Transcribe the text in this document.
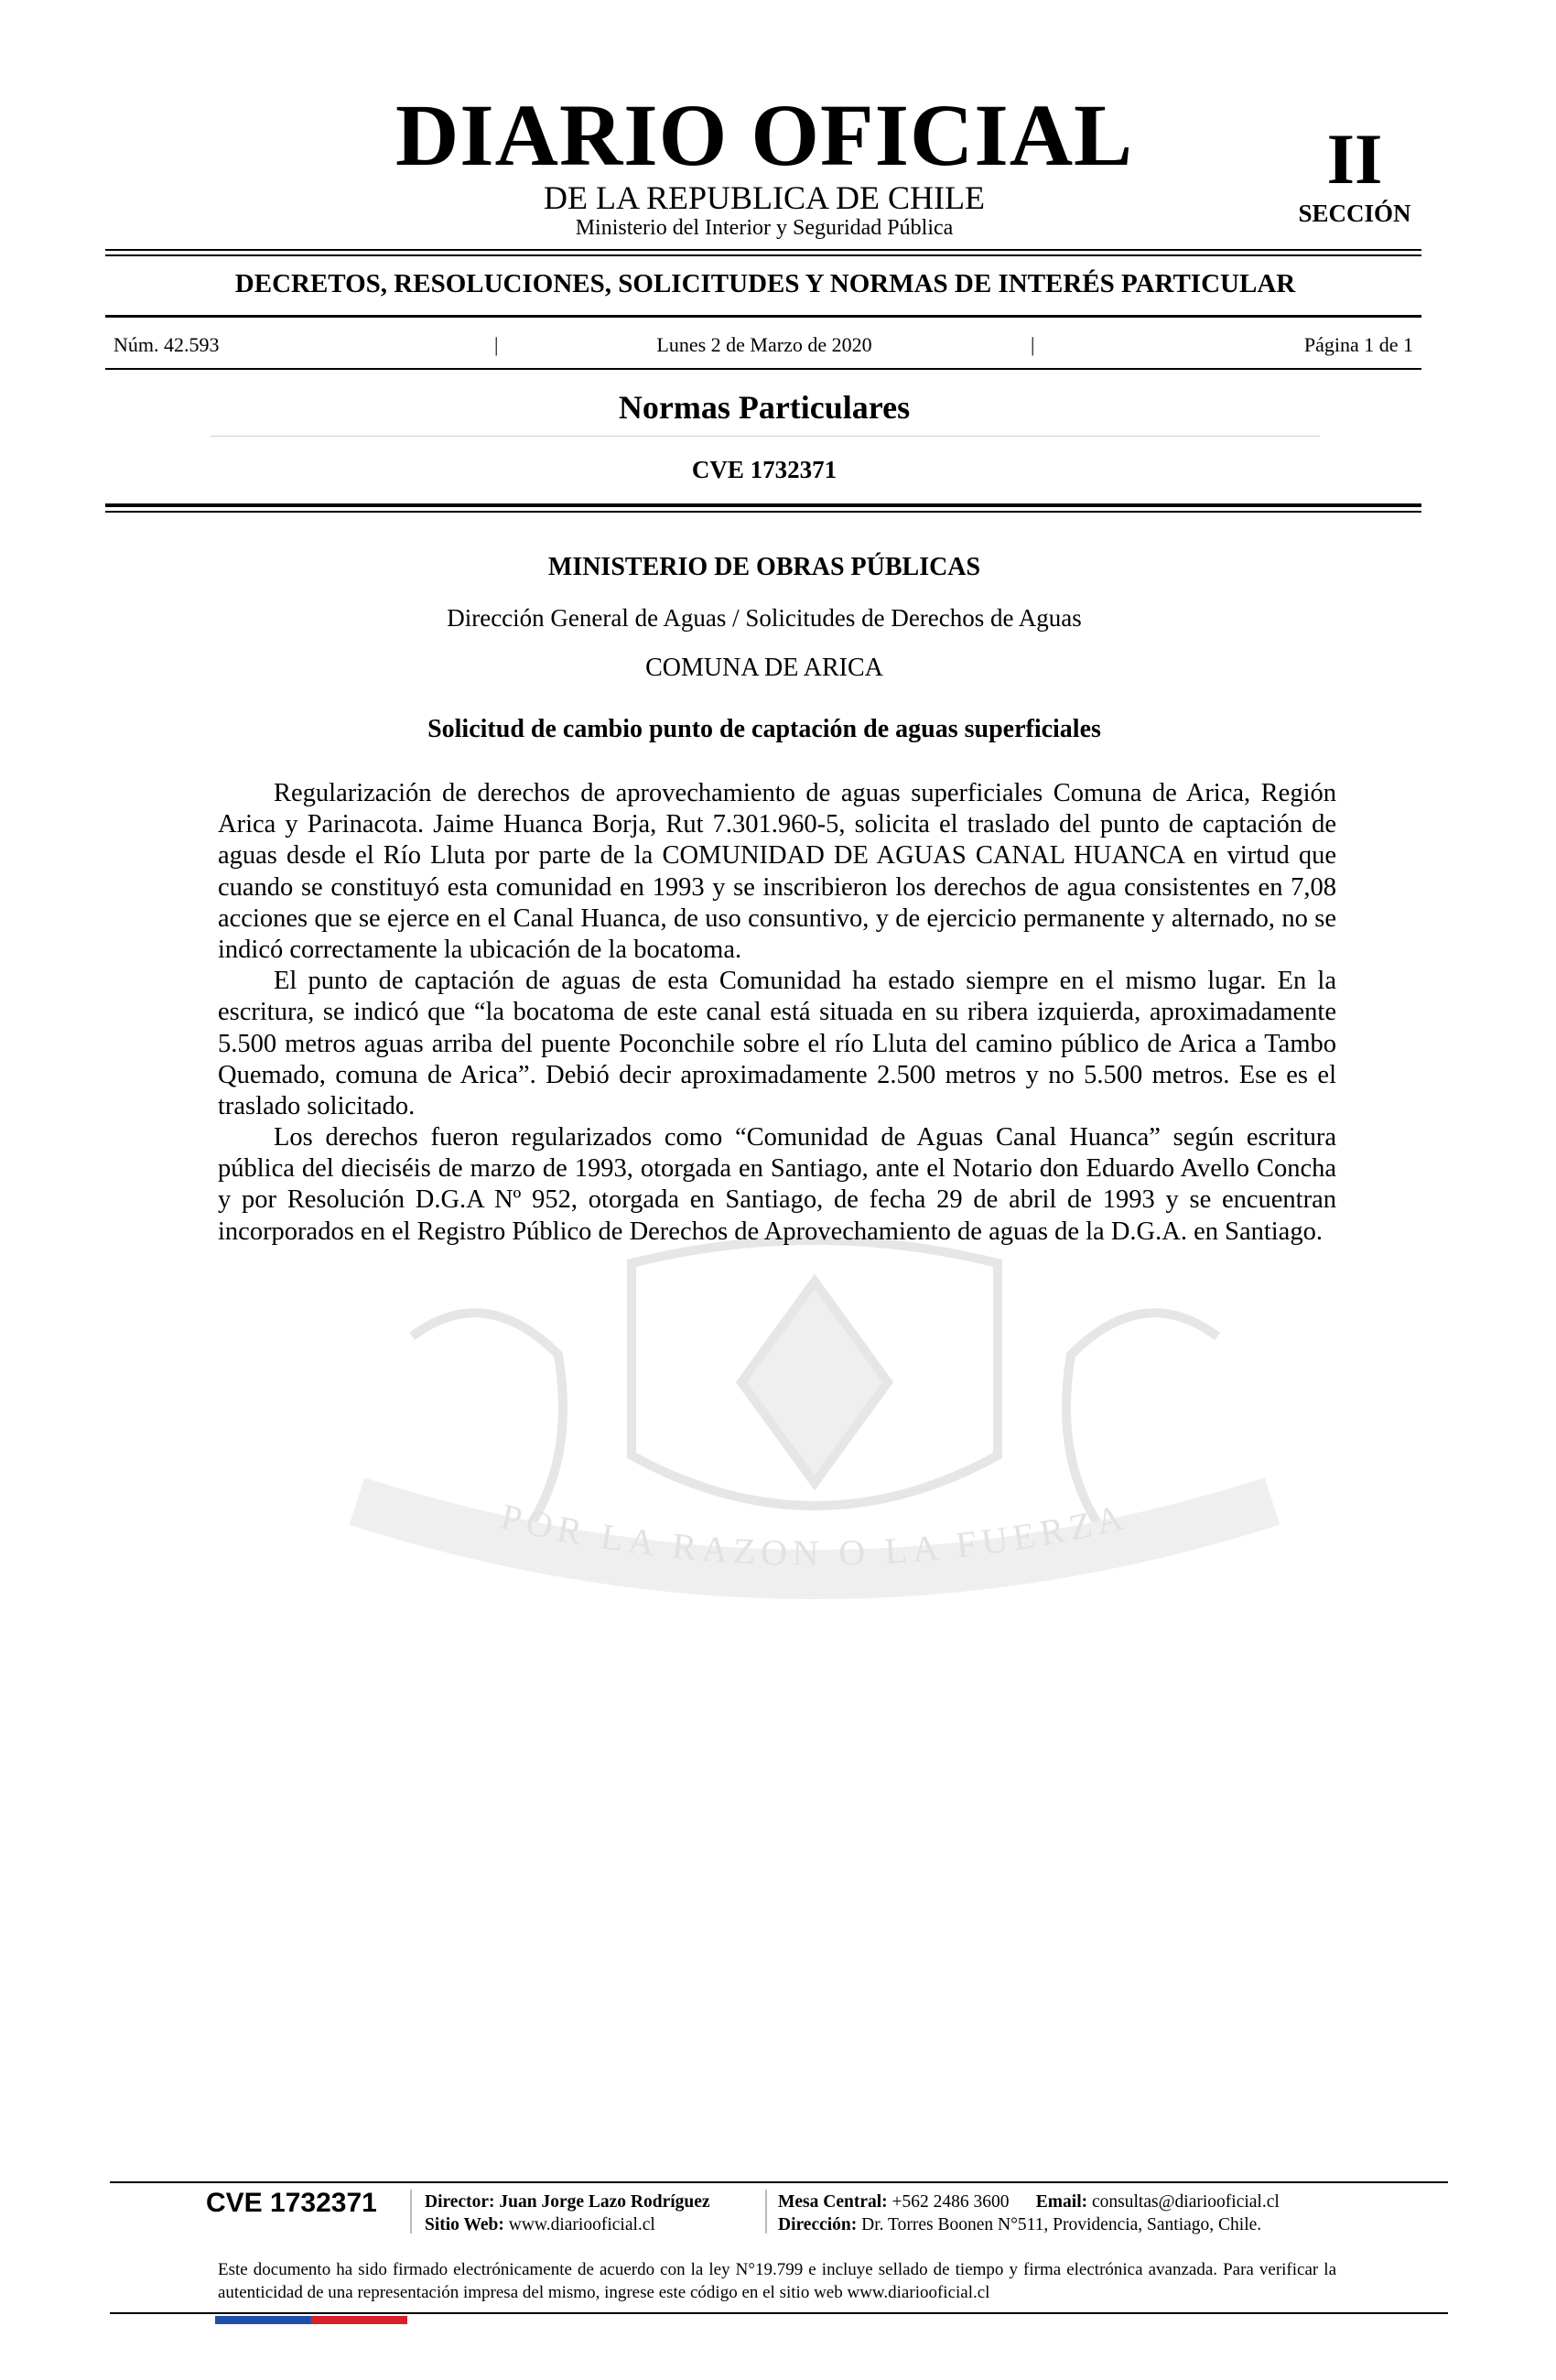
POR LA RAZON O LA FUERZA
DIARIO OFICIAL
DE LA REPUBLICA DE CHILE
Ministerio del Interior y Seguridad Pública
II
SECCIÓN
DECRETOS, RESOLUCIONES, SOLICITUDES Y NORMAS DE INTERÉS PARTICULAR
Núm. 42.593	|	Lunes 2 de Marzo de 2020	|	Página 1 de 1
Normas Particulares
CVE 1732371
MINISTERIO DE OBRAS PÚBLICAS
Dirección General de Aguas / Solicitudes de Derechos de Aguas
COMUNA DE ARICA
Solicitud de cambio punto de captación de aguas superficiales

Regularización de derechos de aprovechamiento de aguas superficiales Comuna de Arica, Región Arica y Parinacota. Jaime Huanca Borja, Rut 7.301.960-5, solicita el traslado del punto de captación de aguas desde el Río Lluta por parte de la COMUNIDAD DE AGUAS CANAL HUANCA en virtud que cuando se constituyó esta comunidad en 1993 y se inscribieron los derechos de agua consistentes en 7,08 acciones que se ejerce en el Canal Huanca, de uso consuntivo, y de ejercicio permanente y alternado, no se indicó correctamente la ubicación de la bocatoma.

El punto de captación de aguas de esta Comunidad ha estado siempre en el mismo lugar. En la escritura, se indicó que “la bocatoma de este canal está situada en su ribera izquierda, aproximadamente 5.500 metros aguas arriba del puente Poconchile sobre el río Lluta del camino público de Arica a Tambo Quemado, comuna de Arica”. Debió decir aproximadamente 2.500 metros y no 5.500 metros. Ese es el traslado solicitado.

Los derechos fueron regularizados como “Comunidad de Aguas Canal Huanca” según escritura pública del dieciséis de marzo de 1993, otorgada en Santiago, ante el Notario don Eduardo Avello Concha y por Resolución D.G.A Nº 952, otorgada en Santiago, de fecha 29 de abril de 1993 y se encuentran incorporados en el Registro Público de Derechos de Aprovechamiento de aguas de la D.G.A. en Santiago.

CVE 1732371	Director: Juan Jorge Lazo Rodríguez
Sitio Web: www.diariooficial.cl
Mesa Central: +562 2486 3600 Email: consultas@diariooficial.cl
Dirección: Dr. Torres Boonen N°511, Providencia, Santiago, Chile.
Este documento ha sido firmado electrónicamente de acuerdo con la ley N°19.799 e incluye sellado de tiempo y firma electrónica avanzada. Para verificar la autenticidad de una representación impresa del mismo, ingrese este código en el sitio web www.diariooficial.cl
